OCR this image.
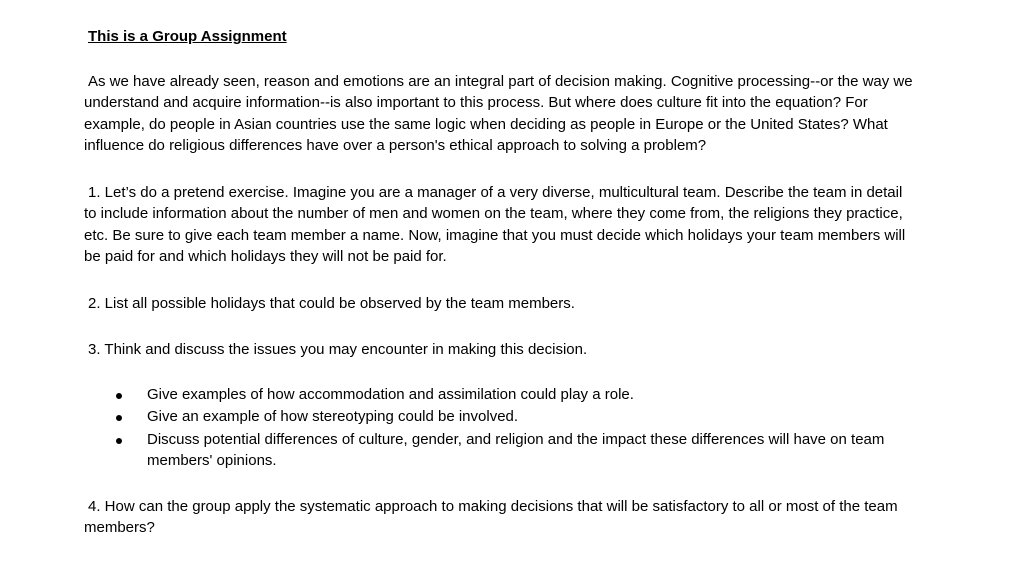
This is a Group Assignment

As we have already seen, reason and emotions are an integral part of decision making. Cognitive processing--or the way we understand and acquire information--is also important to this process. But where does culture fit into the equation? For example, do people in Asian countries use the same logic when deciding as people in Europe or the United States? What influence do religious differences have over a person's ethical approach to solving a problem?

1. Let’s do a pretend exercise. Imagine you are a manager of a very diverse, multicultural team. Describe the team in detail to include information about the number of men and women on the team, where they come from, the religions they practice, etc. Be sure to give each team member a name. Now, imagine that you must decide which holidays your team members will be paid for and which holidays they will not be paid for.

2. List all possible holidays that could be observed by the team members.

3. Think and discuss the issues you may encounter in making this decision.

Give examples of how accommodation and assimilation could play a role.
Give an example of how stereotyping could be involved.
Discuss potential differences of culture, gender, and religion and the impact these differences will have on team members' opinions.

4. How can the group apply the systematic approach to making decisions that will be satisfactory to all or most of the team members?
